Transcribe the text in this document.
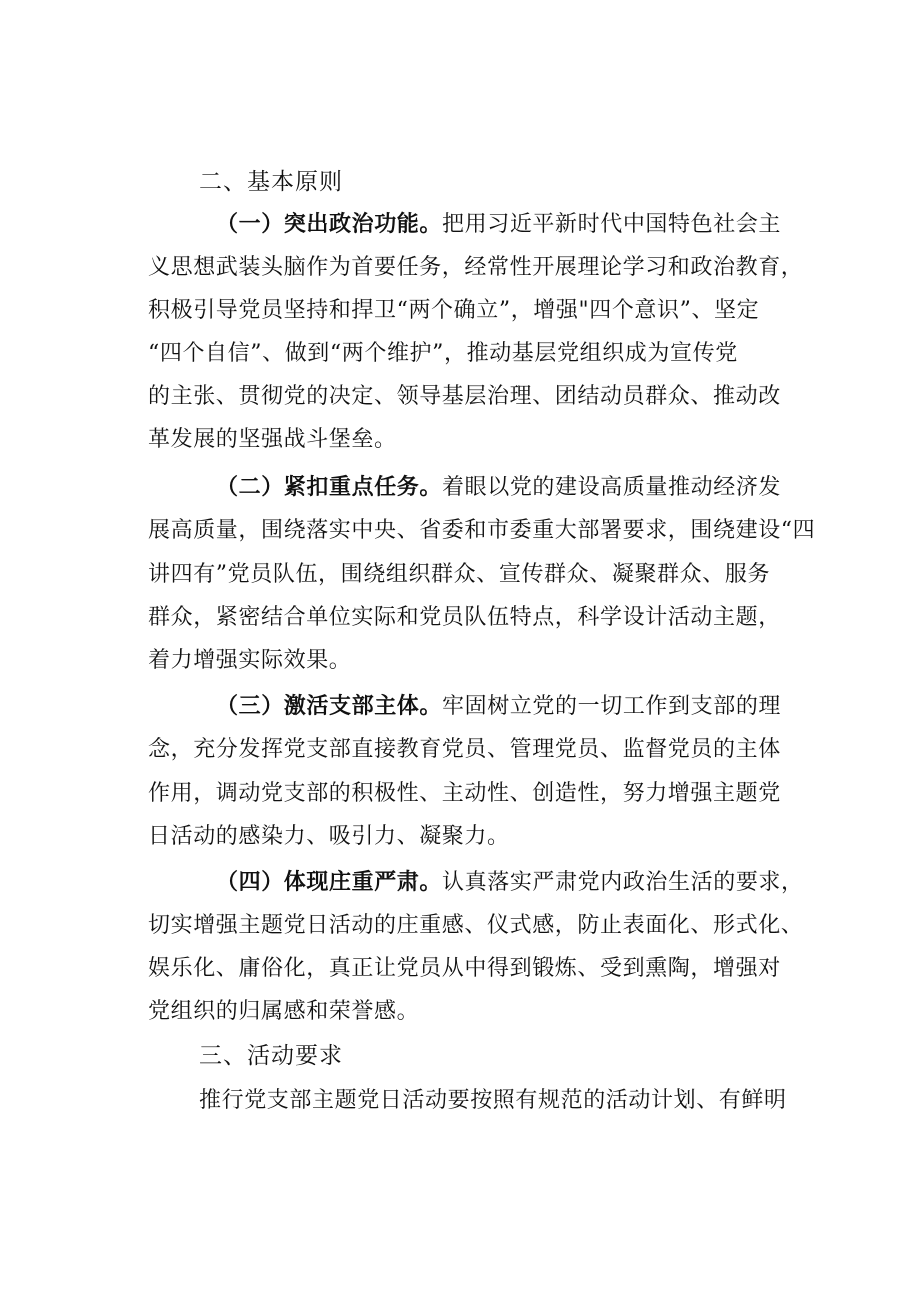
二、基本原则
（一）突出政治功能。把用习近平新时代中国特色社会主
义思想武装头脑作为首要任务，经常性开展理论学习和政治教育，
积极引导党员坚持和捍卫“两个确立”，增强"四个意识”、坚定
“四个自信”、做到“两个维护”，推动基层党组织成为宣传党
的主张、贯彻党的决定、领导基层治理、团结动员群众、推动改
革发展的坚强战斗堡垒。
（二）紧扣重点任务。着眼以党的建设高质量推动经济发
展高质量，围绕落实中央、省委和市委重大部署要求，围绕建设“四
讲四有”党员队伍，围绕组织群众、宣传群众、凝聚群众、服务
群众，紧密结合单位实际和党员队伍特点，科学设计活动主题，
着力增强实际效果。
（三）激活支部主体。牢固树立党的一切工作到支部的理
念，充分发挥党支部直接教育党员、管理党员、监督党员的主体
作用，调动党支部的积极性、主动性、创造性，努力增强主题党
日活动的感染力、吸引力、凝聚力。
（四）体现庄重严肃。认真落实严肃党内政治生活的要求，
切实增强主题党日活动的庄重感、仪式感，防止表面化、形式化、
娱乐化、庸俗化，真正让党员从中得到锻炼、受到熏陶，增强对
党组织的归属感和荣誉感。
三、活动要求
推行党支部主题党日活动要按照有规范的活动计划、有鲜明
